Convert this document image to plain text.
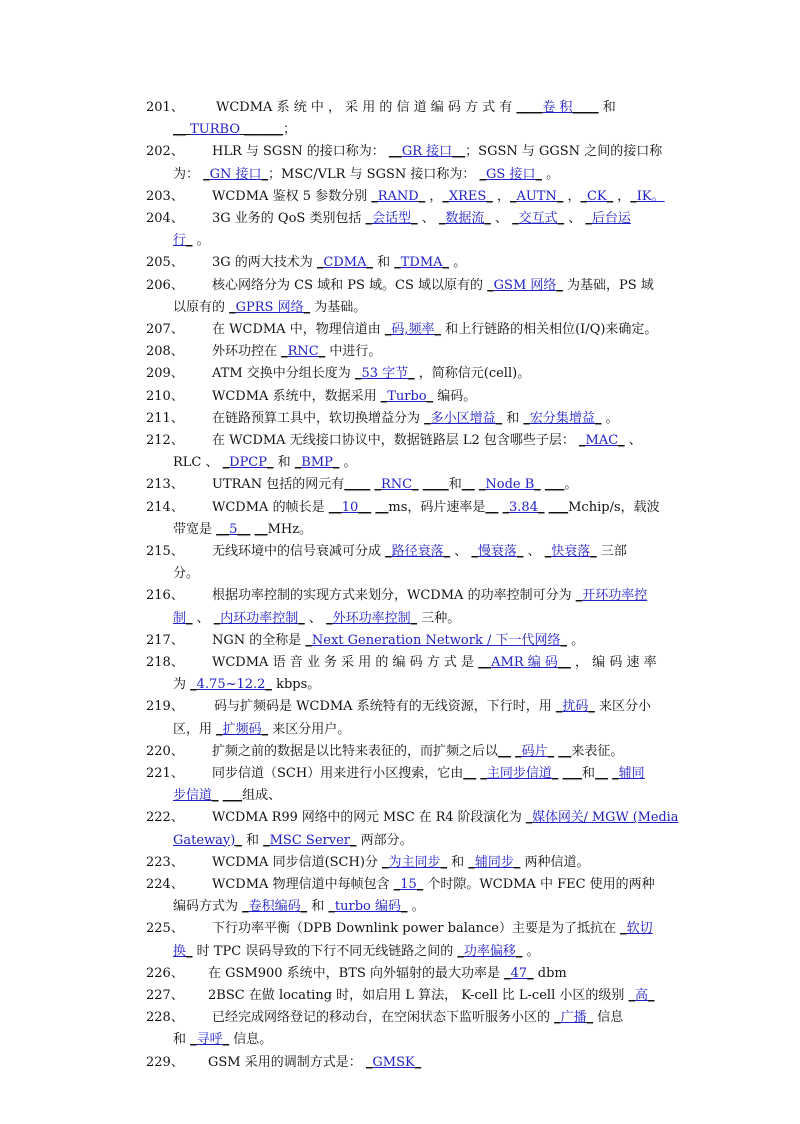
201、 WCDMA 系 统 中 ， 采 用 的 信 道 编 码 方 式 有 ____卷 积____ 和
__ TURBO ______；
202、 HLR 与 SGSN 的接口称为： __GR 接口__；SGSN 与 GGSN 之间的接口称
为： _GN 接口_；MSC/VLR 与 SGSN 接口称为： _GS 接口_ 。
203、 WCDMA 鉴权 5 参数分别 _RAND_ ，_XRES_ ，_AUTN_ ，_CK_ ，_IK。
204、 3G 业务的 QoS 类别包括 _会话型_ 、 _数据流_ 、 _交互式_ 、 _后台运
行_ 。
205、 3G 的两大技术为 _CDMA_ 和 _TDMA_ 。
206、 核心网络分为 CS 域和 PS 域。CS 域以原有的 _GSM 网络_ 为基础，PS 域
以原有的 _GPRS 网络_ 为基础。
207、 在 WCDMA 中，物理信道由 _码,频率_ 和上行链路的相关相位(I/Q)来确定。
208、 外环功控在 _RNC_ 中进行。
209、 ATM 交换中分组长度为 _53 字节_ ，简称信元(cell)。
210、 WCDMA 系统中，数据采用 _Turbo_ 编码。
211、 在链路预算工具中，软切换增益分为 _多小区增益_ 和 _宏分集增益_ 。
212、 在 WCDMA 无线接口协议中，数据链路层 L2 包含哪些子层： _MAC_ 、
RLC 、 _DPCP_ 和 _BMP_ 。
213、 UTRAN 包括的网元有____ _RNC_ ____和__ _Node B_ ___。
214、 WCDMA 的帧长是 __10__ __ms，码片速率是__ _3.84_ ___Mchip/s，载波
带宽是 __5__ __MHz。
215、 无线环境中的信号衰减可分成 _路径衰落_ 、 _慢衰落_ 、 _快衰落_ 三部
分。
216、 根据功率控制的实现方式来划分，WCDMA 的功率控制可分为 _开环功率控
制_ 、 _内环功率控制_ 、 _外环功率控制_ 三种。
217、 NGN 的全称是 _Next Generation Network / 下一代网络_ 。
218、 WCDMA 语 音 业 务 采 用 的 编 码 方 式 是 __AMR 编 码__ ， 编 码 速 率
为 _4.75~12.2_ kbps。
219、 码与扩频码是 WCDMA 系统特有的无线资源，下行时，用 _扰码_ 来区分小
区，用 _扩频码_ 来区分用户。
220、 扩频之前的数据是以比特来表征的，而扩频之后以__ _码片_ __来表征。
221、 同步信道（SCH）用来进行小区搜索，它由__ _主同步信道_ ___和__ _辅同
步信道_ ___组成、
222、 WCDMA R99 网络中的网元 MSC 在 R4 阶段演化为 _媒体网关/ MGW (Media
Gateway)_ 和 _MSC Server_ 两部分。
223、 WCDMA 同步信道(SCH)分 _为主同步_ 和 _辅同步_ 两种信道。
224、 WCDMA 物理信道中每帧包含 _15_ 个时隙。WCDMA 中 FEC 使用的两种
编码方式为 _卷积编码_ 和 _turbo 编码_ 。
225、 下行功率平衡（DPB Downlink power balance）主要是为了抵抗在 _软切
换_ 时 TPC 误码导致的下行不同无线链路之间的 _功率偏移_ 。
226、 在 GSM900 系统中，BTS 向外辐射的最大功率是 _47_ dbm
227、 2BSC 在做 locating 时，如启用 L 算法， K-cell 比 L-cell 小区的级别 _高_
228、 已经完成网络登记的移动台，在空闲状态下监听服务小区的 _广播_ 信息
和 _寻呼_ 信息。
229、 GSM 采用的调制方式是： _GMSK_
